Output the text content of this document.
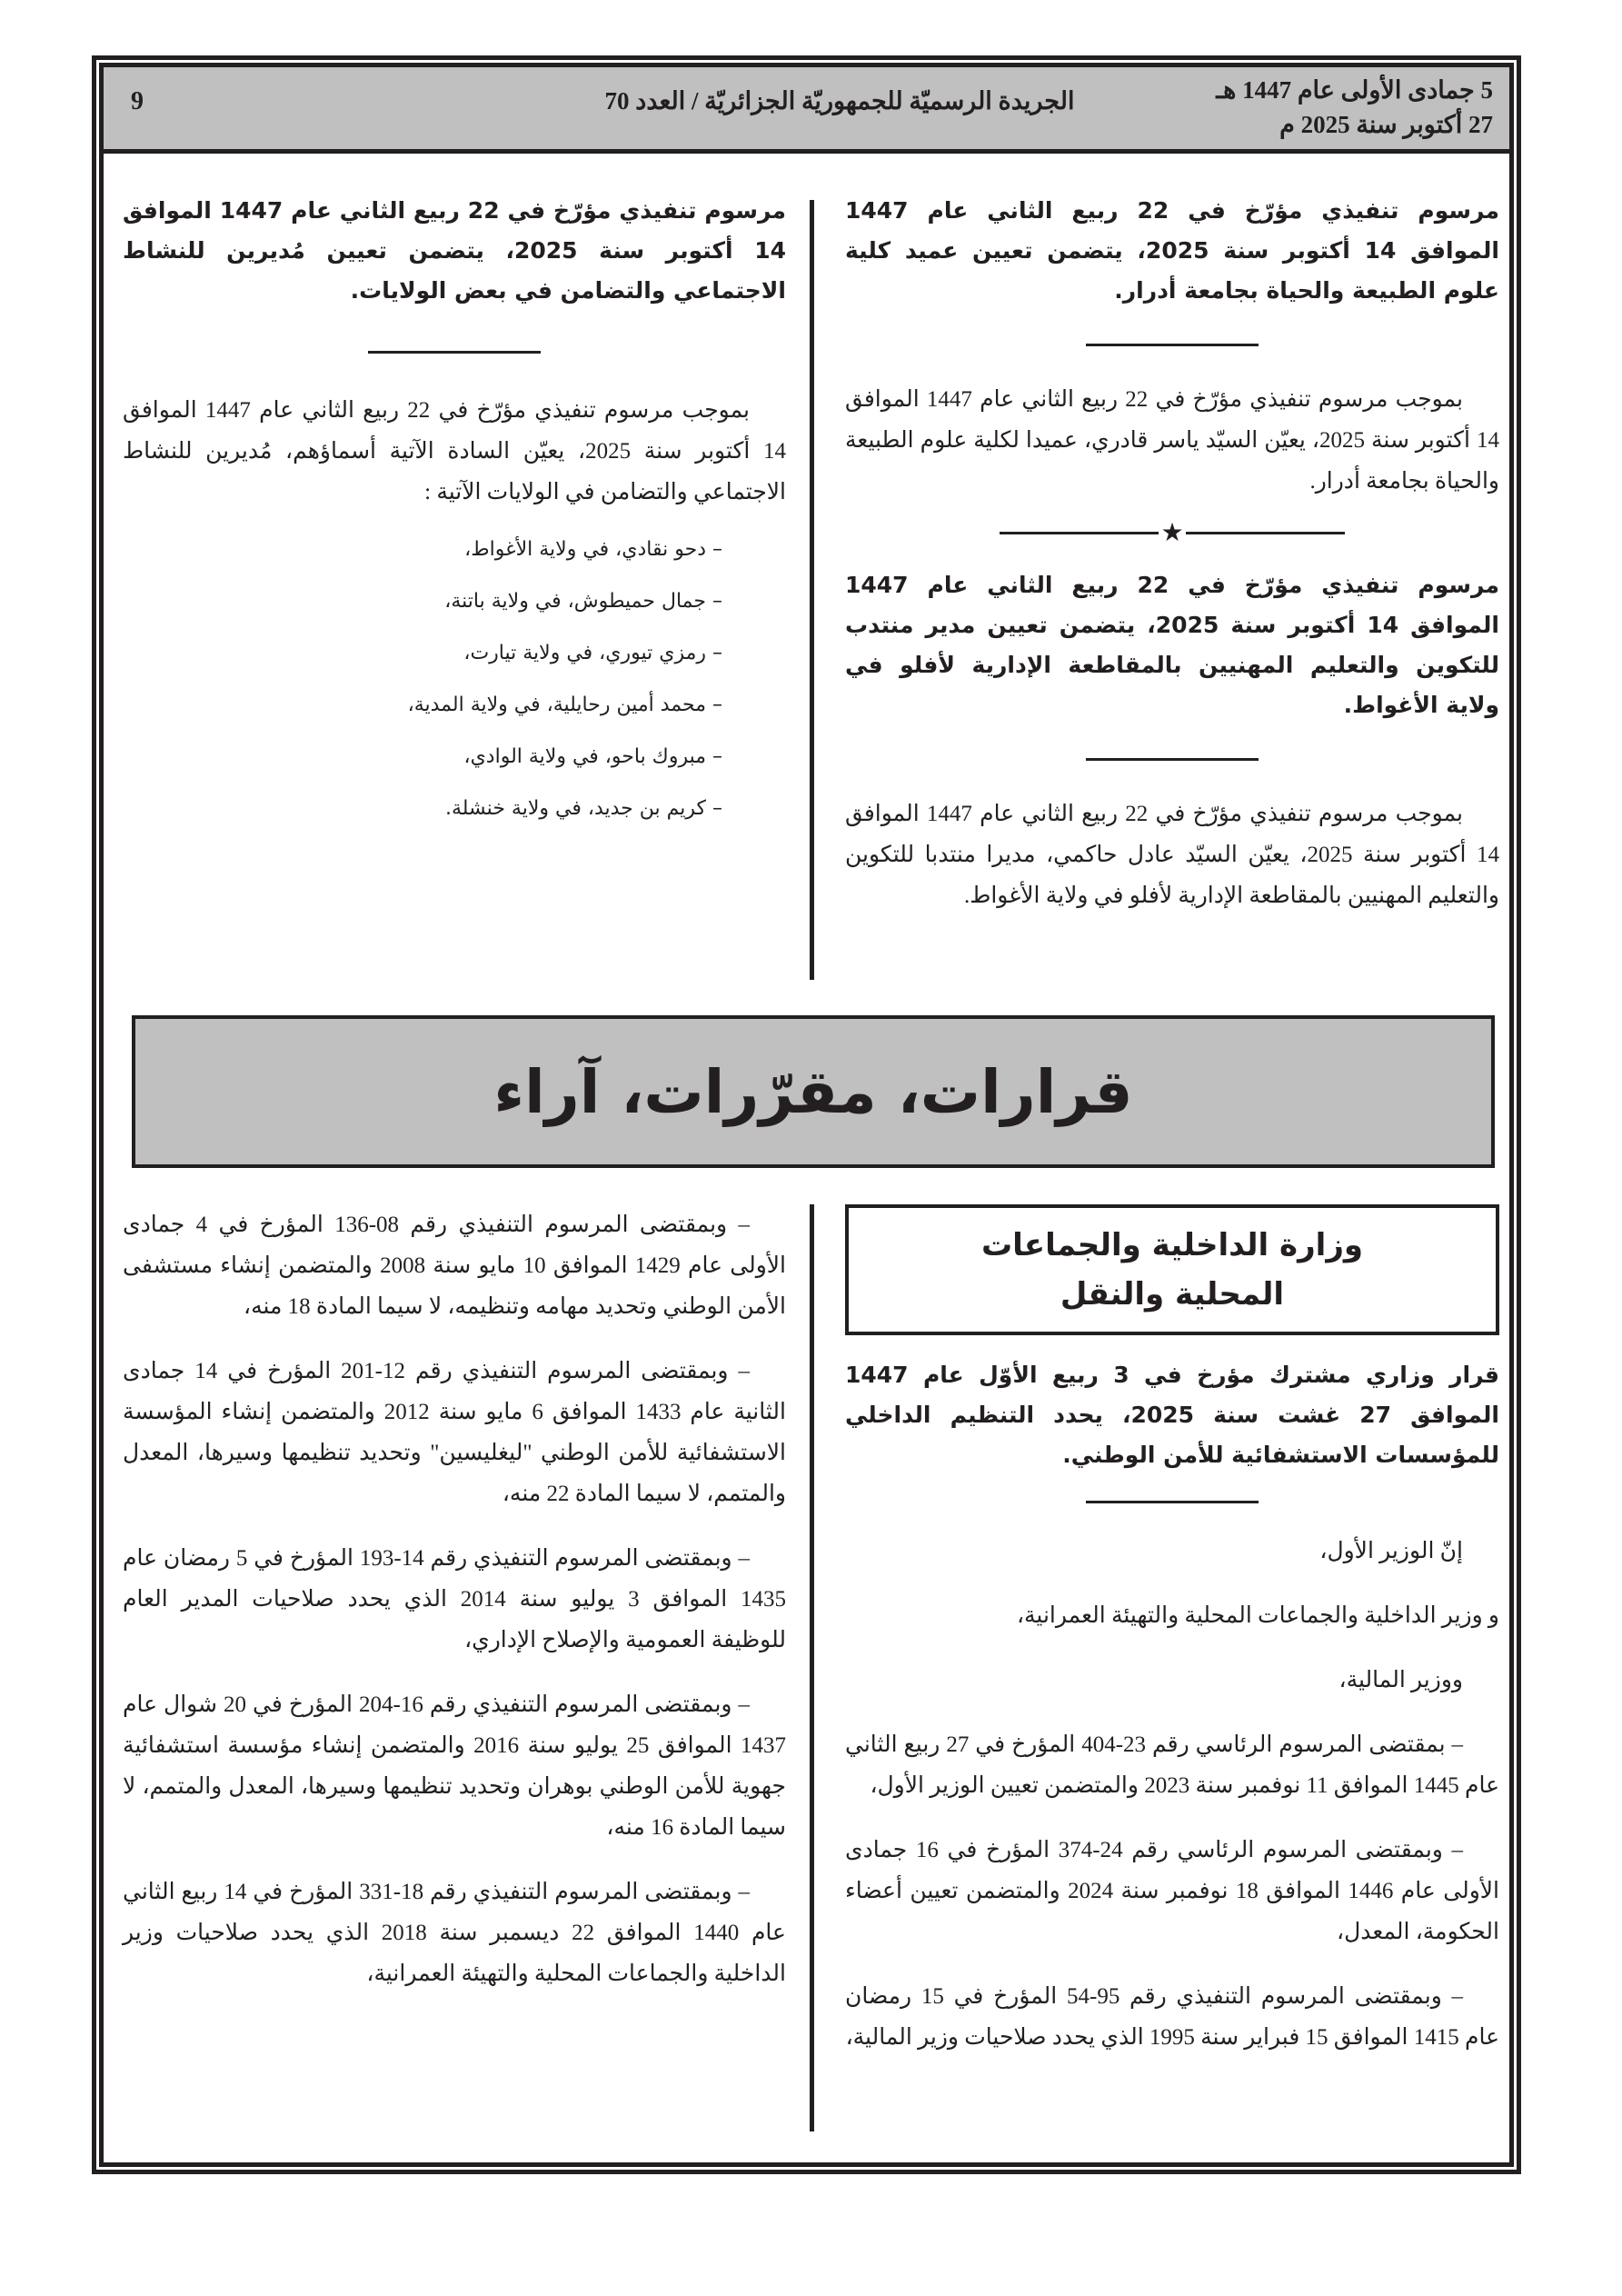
5 جمادى الأولى عام 1447 هـ
27 أكتوبر سنة 2025 م
الجريدة الرسميّة للجمهوريّة الجزائريّة / العدد 70
9

مرسوم تنفيذي مؤرّخ في 22 ربيع الثاني عام 1447 الموافق 14 أكتوبر سنة 2025، يتضمن تعيين عميد كلية علوم الطبيعة والحياة بجامعة أدرار.

بموجب مرسوم تنفيذي مؤرّخ في 22 ربيع الثاني عام 1447 الموافق 14 أكتوبر سنة 2025، يعيّن السيّد ياسر قادري، عميدا لكلية علوم الطبيعة والحياة بجامعة أدرار.

★

مرسوم تنفيذي مؤرّخ في 22 ربيع الثاني عام 1447 الموافق 14 أكتوبر سنة 2025، يتضمن تعيين مدير منتدب للتكوين والتعليم المهنيين بالمقاطعة الإدارية لأفلو في ولاية الأغواط.

بموجب مرسوم تنفيذي مؤرّخ في 22 ربيع الثاني عام 1447 الموافق 14 أكتوبر سنة 2025، يعيّن السيّد عادل حاكمي، مديرا منتدبا للتكوين والتعليم المهنيين بالمقاطعة الإدارية لأفلو في ولاية الأغواط.

مرسوم تنفيذي مؤرّخ في 22 ربيع الثاني عام 1447 الموافق 14 أكتوبر سنة 2025، يتضمن تعيين مُديرين للنشاط الاجتماعي والتضامن في بعض الولايات.

بموجب مرسوم تنفيذي مؤرّخ في 22 ربيع الثاني عام 1447 الموافق 14 أكتوبر سنة 2025، يعيّن السادة الآتية أسماؤهم، مُديرين للنشاط الاجتماعي والتضامن في الولايات الآتية :

– دحو نقادي، في ولاية الأغواط،
– جمال حميطوش، في ولاية باتنة،
– رمزي تيوري، في ولاية تيارت،
– محمد أمين رحايلية، في ولاية المدية،
– مبروك باحو، في ولاية الوادي،
– كريم بن جديد، في ولاية خنشلة.
قرارات، مقرّرات، آراء
وزارة الداخلية والجماعات
المحلية والنقل

قرار وزاري مشترك مؤرخ في 3 ربيع الأوّل عام 1447 الموافق 27 غشت سنة 2025، يحدد التنظيم الداخلي للمؤسسات الاستشفائية للأمن الوطني.

إنّ الوزير الأول،

و وزير الداخلية والجماعات المحلية والتهيئة العمرانية،

ووزير المالية،

– بمقتضى المرسوم الرئاسي رقم 23-404 المؤرخ في 27 ربيع الثاني عام 1445 الموافق 11 نوفمبر سنة 2023 والمتضمن تعيين الوزير الأول،

– وبمقتضى المرسوم الرئاسي رقم 24-374 المؤرخ في 16 جمادى الأولى عام 1446 الموافق 18 نوفمبر سنة 2024 والمتضمن تعيين أعضاء الحكومة، المعدل،

– وبمقتضى المرسوم التنفيذي رقم 95-54 المؤرخ في 15 رمضان عام 1415 الموافق 15 فبراير سنة 1995 الذي يحدد صلاحيات وزير المالية،

– وبمقتضى المرسوم التنفيذي رقم 08-136 المؤرخ في 4 جمادى الأولى عام 1429 الموافق 10 مايو سنة 2008 والمتضمن إنشاء مستشفى الأمن الوطني وتحديد مهامه وتنظيمه، لا سيما المادة 18 منه،

– وبمقتضى المرسوم التنفيذي رقم 12-201 المؤرخ في 14 جمادى الثانية عام 1433 الموافق 6 مايو سنة 2012 والمتضمن إنشاء المؤسسة الاستشفائية للأمن الوطني "ليغليسين" وتحديد تنظيمها وسيرها، المعدل والمتمم، لا سيما المادة 22 منه،

– وبمقتضى المرسوم التنفيذي رقم 14-193 المؤرخ في 5 رمضان عام 1435 الموافق 3 يوليو سنة 2014 الذي يحدد صلاحيات المدير العام للوظيفة العمومية والإصلاح الإداري،

– وبمقتضى المرسوم التنفيذي رقم 16-204 المؤرخ في 20 شوال عام 1437 الموافق 25 يوليو سنة 2016 والمتضمن إنشاء مؤسسة استشفائية جهوية للأمن الوطني بوهران وتحديد تنظيمها وسيرها، المعدل والمتمم، لا سيما المادة 16 منه،

– وبمقتضى المرسوم التنفيذي رقم 18-331 المؤرخ في 14 ربيع الثاني عام 1440 الموافق 22 ديسمبر سنة 2018 الذي يحدد صلاحيات وزير الداخلية والجماعات المحلية والتهيئة العمرانية،
